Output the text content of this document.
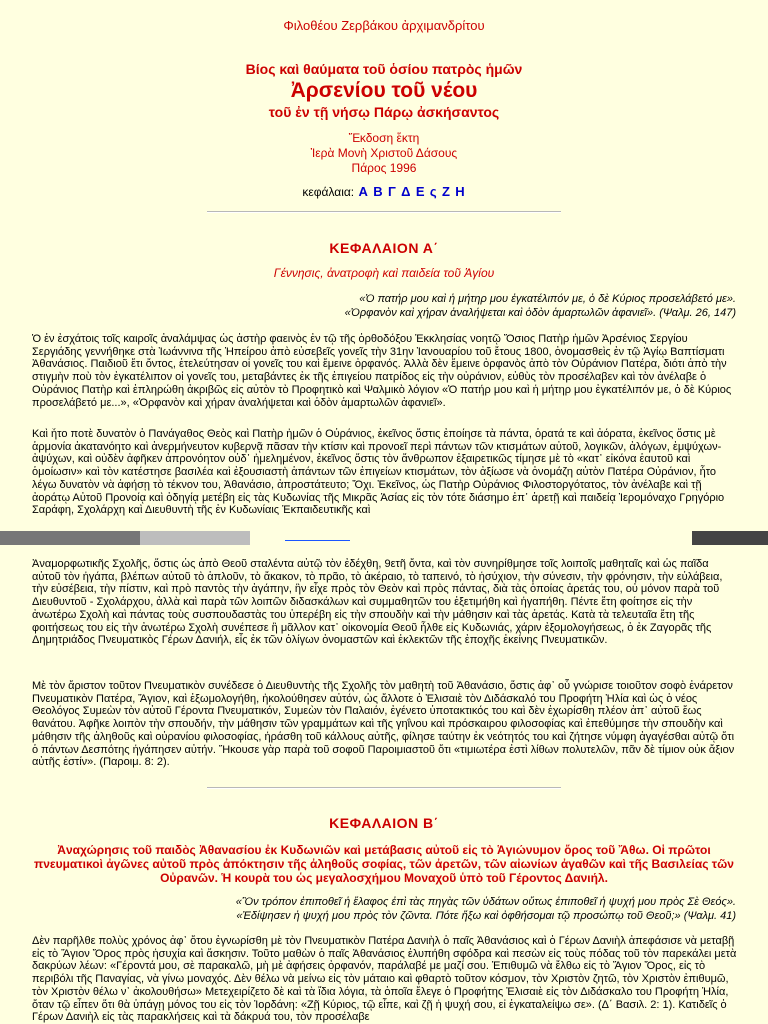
Φιλοθέου Ζερβάκου ἀρχιμανδρίτου
Βίος καὶ θαύματα τοῦ ὁσίου πατρὸς ἡμῶν
Ἀρσενίου τοῦ νέου
τοῦ ἐν τῇ νήσῳ Πάρῳ ἀσκήσαντος
Ἔκδοση ἕκτη
Ἱερὰ Μονὴ Χριστοῦ Δάσους
Πάρος 1996
κεφάλαια: Α Β Γ Δ Ε ς Ζ Η
ΚΕΦΑΛΑΙΟΝ Α΄
Γέννησις, ἀνατροφὴ καὶ παιδεία τοῦ Ἁγίου
«Ὁ πατήρ μου καὶ ἡ μήτηρ μου ἐγκατέλιπόν με, ὁ δὲ Κύριος προσελάβετό με».
«Ὀρφανὸν καὶ χήραν ἀναλήψεται καὶ ὁδὸν ἁμαρτωλῶν ἀφανιεῖ». (Ψαλμ. 26, 147)
Ὁ ἐν ἐσχάτοις τοῖς καιροῖς ἀναλάμψας ὡς ἀστὴρ φαεινὸς ἐν τῷ τῆς ὀρθοδόξου Ἐκκλησίας νοητῷ Ὅσιος Πατὴρ ἡμῶν Ἀρσένιος Σεργίου Σεργιάδης γεννήθηκε στὰ Ἰωάννινα τῆς Ἠπείρου ἀπὸ εὐσεβεῖς γονεῖς τὴν 31ην Ἰανουαρίου τοῦ ἔτους 1800, ὀνομασθεὶς ἐν τῷ Ἁγίῳ Βαπτίσματι Ἀθανάσιος. Παιδιοῦ ἔτι ὄντος, ἐτελεύτησαν οἱ γονεῖς του καὶ ἔμεινε ὀρφανός. Ἀλλὰ δὲν ἔμεινε ὀρφανὸς ἀπὸ τὸν Οὐράνιον Πατέρα, διότι ἀπὸ τὴν στιγμὴν ποὺ τὸν ἐγκατέλιπον οἱ γονεῖς του, μεταβάντες ἐκ τῆς ἐπιγείου πατρίδος εἰς τὴν οὐράνιον, εὐθὺς τὸν προσέλαβεν καὶ τὸν ἀνέλαβε ὁ Οὐράνιος Πατὴρ καὶ ἐπληρώθη ἀκριβῶς εἰς αὐτὸν τὸ Προφητικὸ καὶ Ψαλμικὸ λόγιον «Ὁ πατήρ μου καὶ ἡ μήτηρ μου ἐγκατέλιπόν με, ὁ δὲ Κύριος προσελάβετό με...», «Ὀρφανὸν καὶ χήραν ἀναλήψεται καὶ ὁδὸν ἁμαρτωλῶν ἀφανιεῖ».
Καὶ ἦτο ποτὲ δυνατὸν ὁ Πανάγαθος Θεὸς καὶ Πατὴρ ἡμῶν ὁ Οὐράνιος, ἐκεῖνος ὅστις ἐποίησε τὰ πάντα, ὁρατά τε καὶ ἀόρατα, ἐκεῖνος ὅστις μὲ ἁρμονία ἀκατανόητο καὶ ἀνερμήνευτον κυβερνᾷ πᾶσαν τὴν κτίσιν καὶ προνοεῖ περὶ πάντων τῶν κτισμάτων αὐτοῦ, λογικῶν, ἀλόγων, ἐμψύχων-ἀψύχων, καὶ οὐδὲν ἀφῆκεν ἀπρονόητον οὐδ᾽ ἠμελημένον, ἐκεῖνος ὅστις τὸν ἄνθρωπον ἐξαιρετικῶς τίμησε μὲ τὸ «κατ᾽ εἰκόνα ἑαυτοῦ καὶ ὁμοίωσιν» καὶ τὸν κατέστησε βασιλέα καὶ ἐξουσιαστὴ ἁπάντων τῶν ἐπιγείων κτισμάτων, τὸν ἀξίωσε νὰ ὀνομάζη αὐτὸν Πατέρα Οὐράνιον, ἦτο λέγω δυνατὸν νὰ ἀφήσῃ τὸ τέκνον του, Ἀθανάσιο, ἀπροστάτευτο; Ὄχι. Ἐκεῖνος, ὡς Πατὴρ Οὐράνιος Φιλοστοργότατος, τὸν ἀνέλαβε καὶ τῇ ἀοράτῳ Αὐτοῦ Προνοίᾳ καὶ ὁδηγίᾳ μετέβη εἰς τὰς Κυδωνίας τῆς Μικρᾶς Ἀσίας εἰς τὸν τότε διάσημο ἐπ᾽ ἀρετῇ καὶ παιδείᾳ Ἱερομόναχο Γρηγόριο Σαράφη, Σχολάρχη καὶ Διευθυντὴ τῆς ἐν Κυδωνίαις Ἐκπαιδευτικῆς καὶ
Ἀναμορφωτικῆς Σχολῆς, ὅστις ὡς ἀπὸ Θεοῦ σταλέντα αὐτῷ τὸν ἐδέχθη, 9ετῆ ὄντα, καὶ τὸν συνηρίθμησε τοῖς λοιποῖς μαθηταῖς καὶ ὡς παῖδα αὐτοῦ τὸν ἠγάπα, βλέπων αὐτοῦ τὸ ἁπλοῦν, τὸ ἄκακον, τὸ πρᾶο, τὸ ἀκέραιο, τὸ ταπεινό, τὸ ἡσύχιον, τὴν σύνεσιν, τὴν φρόνησιν, τὴν εὐλάβεια, τὴν εὐσέβεια, τὴν πίστιν, καὶ πρὸ παντὸς τὴν ἀγάπην, ἣν εἶχε πρὸς τὸν Θεὸν καὶ πρὸς πάντας, διὰ τὰς ὁποίας ἀρετάς του, οὐ μόνον παρὰ τοῦ Διευθυντοῦ - Σχολάρχου, ἀλλὰ καὶ παρὰ τῶν λοιπῶν διδασκάλων καὶ συμμαθητῶν του ἐξετιμήθη καὶ ἠγαπήθη. Πέντε ἔτη φοίτησε εἰς τὴν ἀνωτέρω Σχολὴ καὶ πάντας τοὺς συσπουδαστὰς του ὑπερέβη εἰς τὴν σπουδὴν καὶ τὴν μάθησιν καὶ τὰς ἀρετάς. Κατὰ τὰ τελευταῖα ἔτη τῆς φοιτήσεως του εἰς τὴν ἀνωτέρω Σχολὴ συνέπεσε ἢ μᾶλλον κατ᾽ οἰκονομία Θεοῦ ἦλθε εἰς Κυδωνιάς, χάριν ἐξομολογήσεως, ὁ ἐκ Ζαγορᾶς τῆς Δημητριάδος Πνευματικὸς Γέρων Δανιήλ, εἷς ἐκ τῶν ὀλίγων ὀνομαστῶν καὶ ἐκλεκτῶν τῆς ἐποχῆς ἐκείνης Πνευματικῶν.
Μὲ τὸν ἄριστον τοῦτον Πνευματικὸν συνέδεσε ὁ Διευθυντὴς τῆς Σχολῆς τὸν μαθητὴ τοῦ Ἀθανάσιο, ὅστις ἀφ᾽ οὗ γνώρισε τοιοῦτον σοφὸ ἐνάρετον Πνευματικὸν Πατέρα, Ἅγιον, καὶ ἐξωμολογήθη, ἠκολούθησεν αὐτόν, ὡς ἄλλοτε ὁ Ἐλισαιὲ τὸν Διδάσκαλό του Προφήτη Ἠλία καὶ ὡς ὁ νέος Θεολόγος Συμεὼν τὸν αὐτοῦ Γέροντα Πνευματικόν, Συμεὼν τὸν Παλαιόν, ἐγένετο ὑποτακτικός του καὶ δὲν ἐχωρίσθη πλέον ἀπ᾽ αὐτοῦ ἕως θανάτου. Ἀφῆκε λοιπὸν τὴν σπουδήν, τὴν μάθησιν τῶν γραμμάτων καὶ τῆς γηΐνου καὶ πρόσκαιρου φιλοσοφίας καὶ ἐπεθύμησε τὴν σπουδὴν καὶ μάθησιν τῆς ἀληθοῦς καὶ οὐρανίου φιλοσοφίας, ἠράσθη τοῦ κάλλους αὐτῆς, φίλησε ταύτην ἐκ νεότητός του καὶ ζήτησε νύμφη ἀγαγέσθαι αὐτῷ ὅτι ὁ πάντων Δεσπότης ἠγάπησεν αὐτήν. Ἤκουσε γὰρ παρὰ τοῦ σοφοῦ Παροιμιαστοῦ ὅτι «τιμιωτέρα ἐστὶ λίθων πολυτελῶν, πᾶν δὲ τίμιον οὐκ ἄξιον αὐτῆς ἐστίν». (Παροιμ. 8: 2).
ΚΕΦΑΛΑΙΟΝ Β΄
Ἀναχώρησις τοῦ παιδὸς Ἀθανασίου ἐκ Κυδωνιῶν καὶ μετάβασις αὐτοῦ εἰς τὸ Ἁγιώνυμον ὄρος τοῦ Ἄθω. Οἱ πρῶτοι πνευματικοὶ ἀγῶνες αὐτοῦ πρὸς ἀπόκτησιν τῆς ἀληθοῦς σοφίας, τῶν ἀρετῶν, τῶν αἰωνίων ἀγαθῶν καὶ τῆς Βασιλείας τῶν Οὐρανῶν. Ἡ κουρὰ του ὡς μεγαλοσχήμου Μοναχοῦ ὑπὸ τοῦ Γέροντος Δανιήλ.
«Ὃν τρόπον ἐπιποθεῖ ἡ ἔλαφος ἐπὶ τὰς πηγὰς τῶν ὑδάτων οὕτως ἐπιποθεῖ ἡ ψυχή μου πρὸς Σὲ Θεός».
«Ἐδίψησεν ἡ ψυχή μου πρὸς τὸν ζῶντα. Πότε ἥξω καὶ ὀφθήσομαι τῷ προσώπῳ τοῦ Θεοῦ;» (Ψαλμ. 41)
Δὲν παρῆλθε πολὺς χρόνος ἀφ᾽ ὅτου ἐγνωρίσθη μὲ τὸν Πνευματικὸν Πατέρα Δανιὴλ ὁ παῖς Ἀθανάσιος καὶ ὁ Γέρων Δανιὴλ ἀπεφάσισε νὰ μεταβῇ εἰς τὸ Ἅγιον Ὄρος πρὸς ἡσυχία καὶ ἄσκησιν. Τοῦτο μαθὼν ὁ παῖς Ἀθανάσιος ἐλυπήθη σφόδρα καὶ πεσὼν εἰς τοὺς πόδας τοῦ τὸν παρεκάλει μετὰ δακρύων λέων: «Γέροντά μου, σὲ παρακαλῶ, μὴ μὲ ἀφήσεις ὀρφανόν, παράλαβέ με μαζί σου. Ἐπιθυμῶ νὰ ἔλθω εἰς τὸ Ἅγιον Ὄρος, εἰς τὸ περιβόλι τῆς Παναγίας, νὰ γίνω μοναχός. Δὲν θέλω νὰ μείνω εἰς τὸν μάταιο καὶ φθαρτὸ τοῦτον κόσμον, τὸν Χριστὸν ζητῶ, τὸν Χριστὸν ἐπιθυμῶ, τὸν Χριστὸν θέλω ν᾽ ἀκολουθήσω» Μετεχειρίζετο δὲ καὶ τὰ ἴδια λόγια, τὰ ὁποῖα ἔλεγε ὁ Προφήτης Ἐλισαιὲ εἰς τὸν Διδάσκαλο του Προφήτη Ἠλία, ὅταν τῷ εἶπεν ὅτι θὰ ὑπάγῃ μόνος του εἰς τὸν Ἰορδάνη: «Ζῇ Κύριος, τῷ εἶπε, καὶ ζῇ ἡ ψυχή σου, εἰ ἐγκαταλείψω σε». (Δ΄ Βασιλ. 2: 1). Κατιδεῖς ὁ Γέρων Δανιὴλ εἰς τὰς παρακλήσεις καὶ τὰ δάκρυά του, τὸν προσέλαβε
